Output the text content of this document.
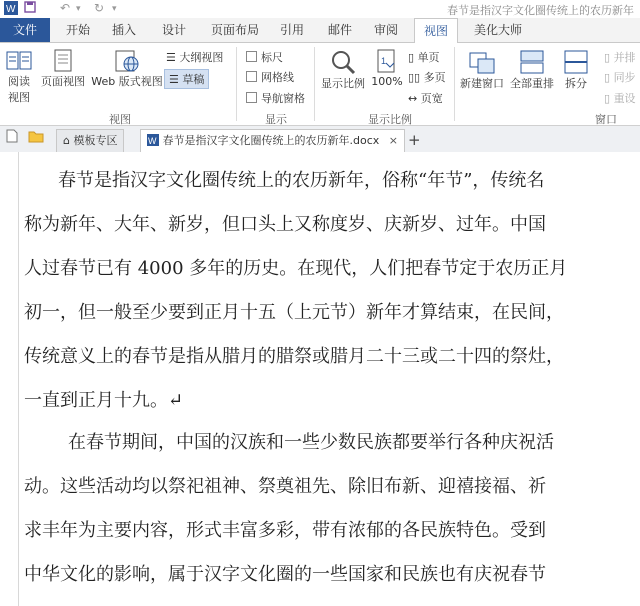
W	↶ ▾ ↻ ▾	春节是指汉字文化圈传统上的农历新年
文件	开始	插入	设计	页面布局	引用	邮件	审阅	视图	美化大师
阅读
视图
页面视图 Web 版式视图
☰ 大纲视图
☰ 草稿
视图
标尺
网格线
导航窗格
显示
显示比例
1
100%
▯ 单页
▯▯ 多页
↔ 页宽
显示比例
新建窗口 全部重排	拆分
▯ 并排
▯ 同步
▯ 重设
窗口
⌂ 模板专区	W 春节是指汉字文化圈传统上的农历新年.docx × +
春节是指汉字文化圈传统上的农历新年，俗称“年节”，传统名
称为新年、大年、新岁，但口头上又称度岁、庆新岁、过年。中国
人过春节已有 4000 多年的历史。在现代，人们把春节定于农历正月
初一，但一般至少要到正月十五（上元节）新年才算结束，在民间，
传统意义上的春节是指从腊月的腊祭或腊月二十三或二十四的祭灶，
一直到正月十九。↵
在春节期间，中国的汉族和一些少数民族都要举行各种庆祝活
动。这些活动均以祭祀祖神、祭奠祖先、除旧布新、迎禧接福、祈
求丰年为主要内容，形式丰富多彩，带有浓郁的各民族特色。受到
中华文化的影响，属于汉字文化圈的一些国家和民族也有庆祝春节
